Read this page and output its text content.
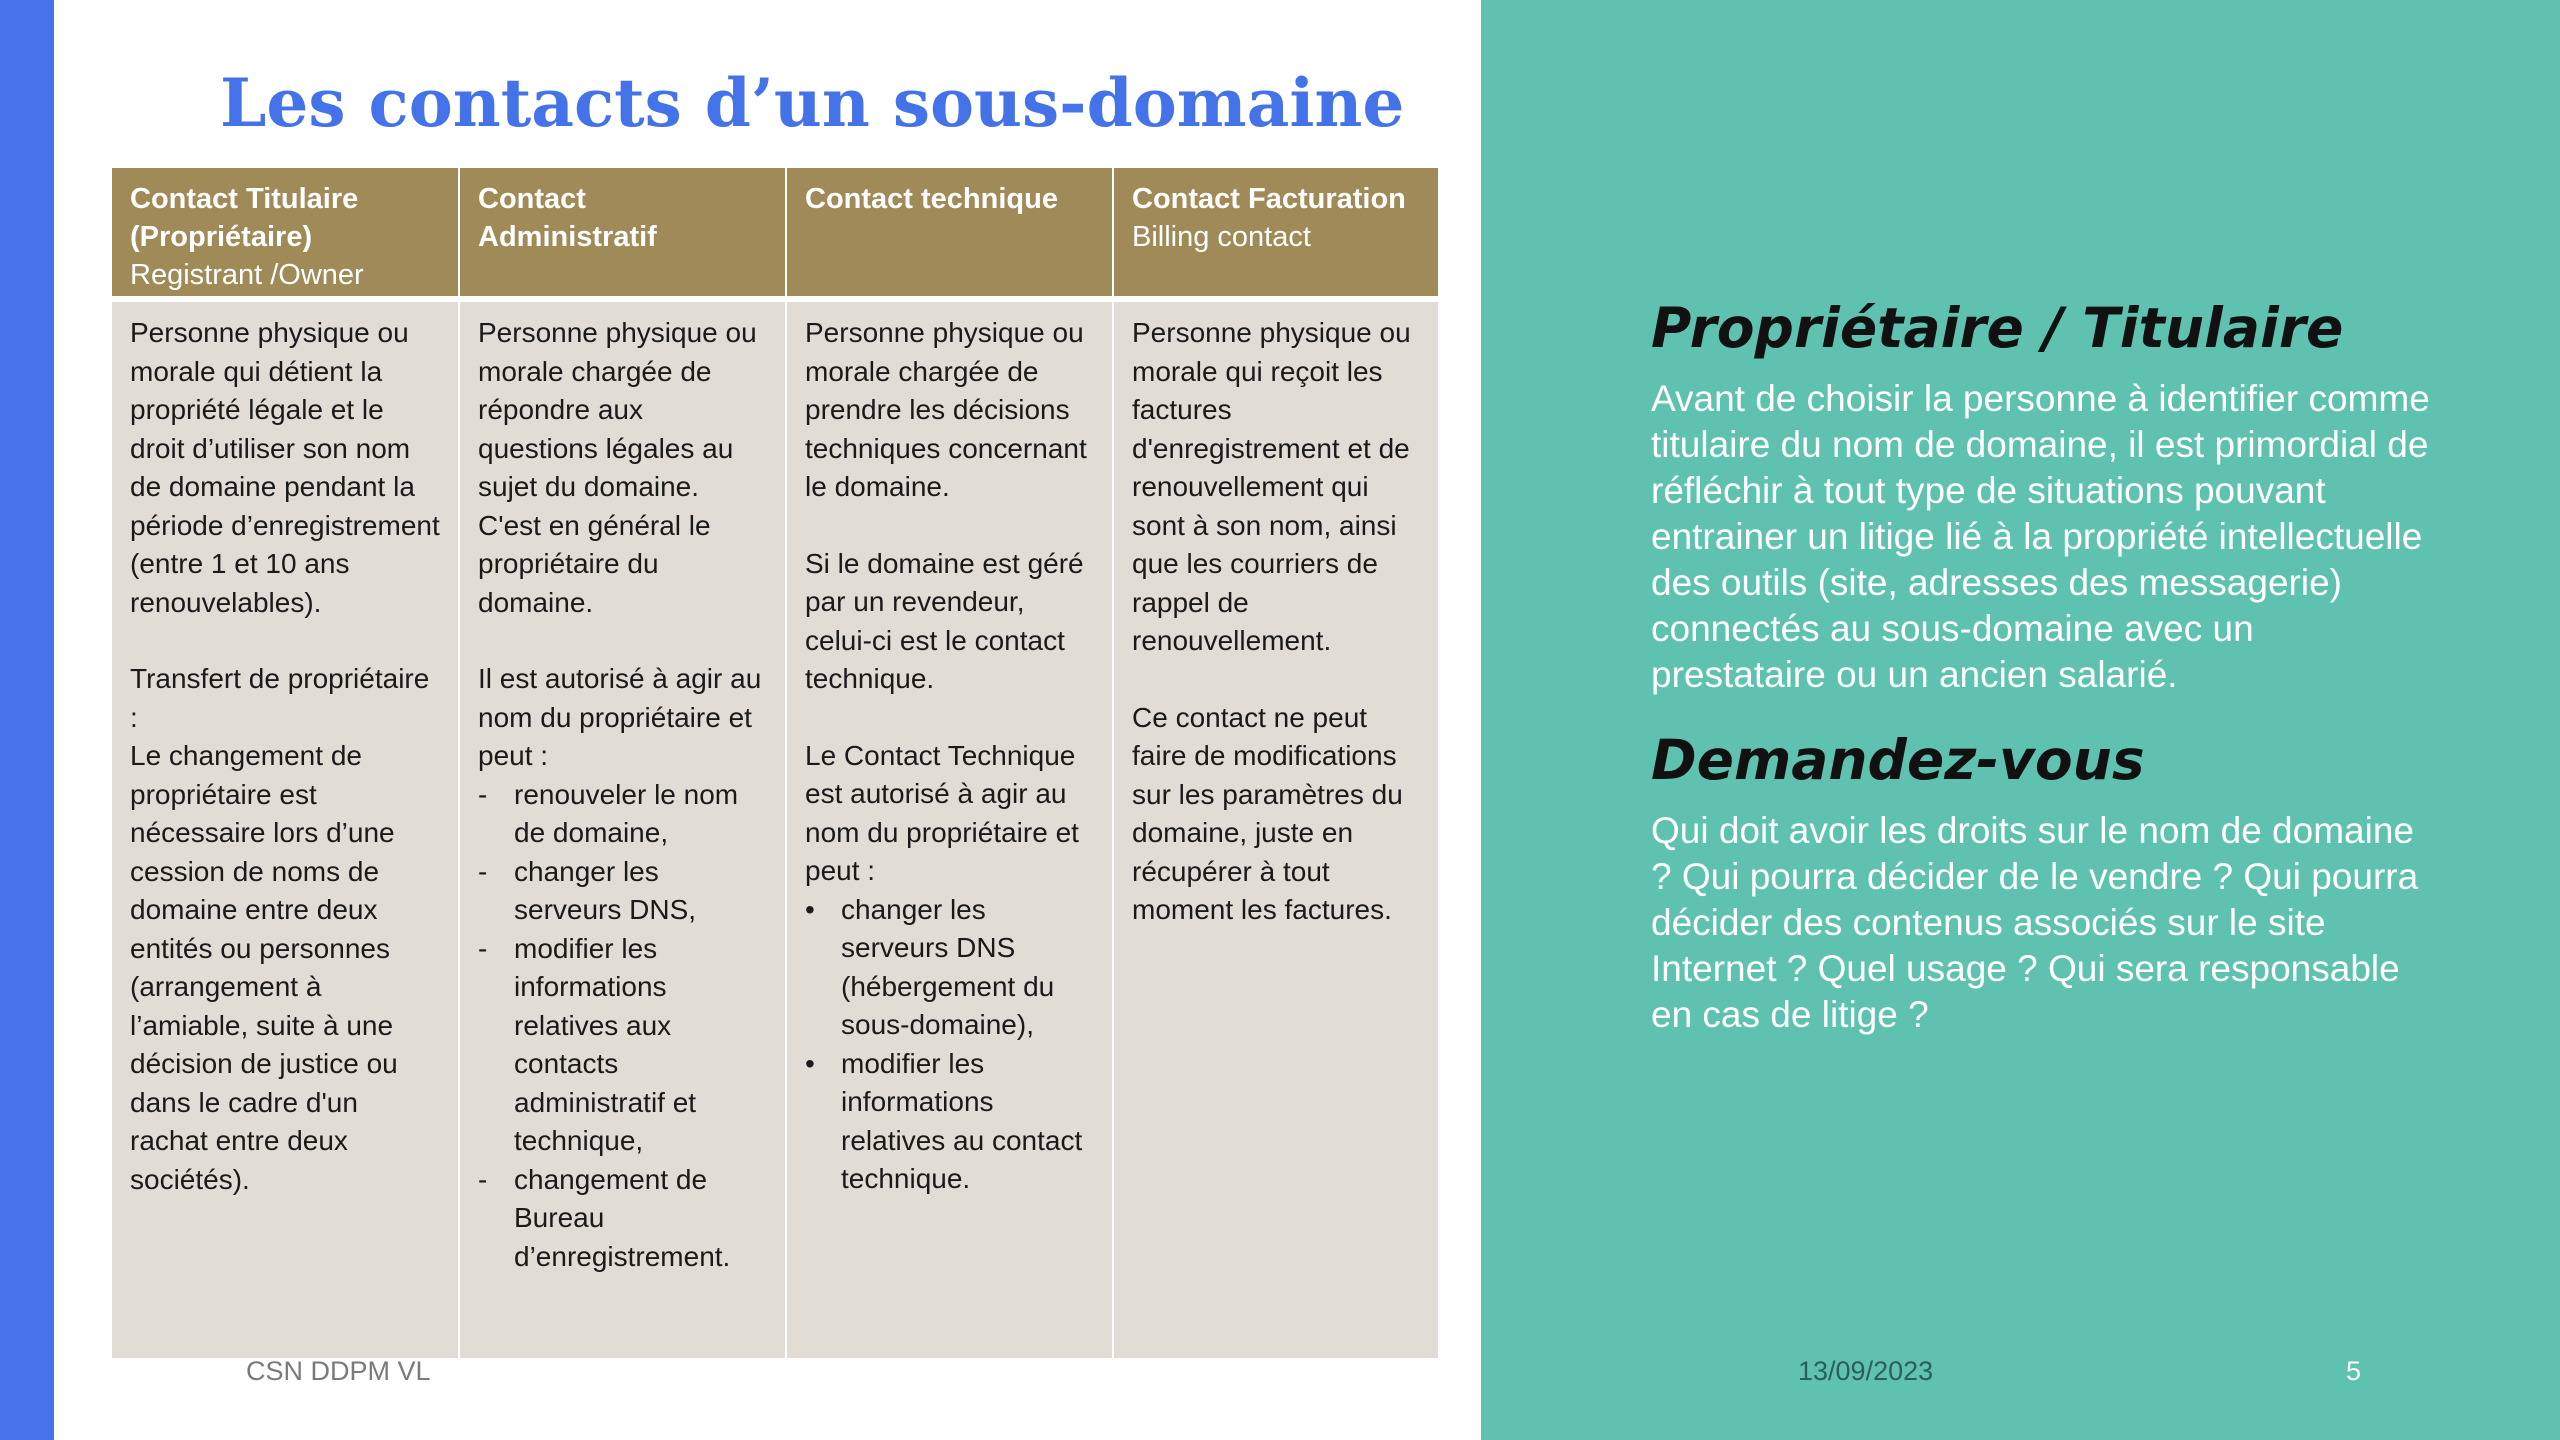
Les contacts d’un sous-domaine
Contact Titulaire (Propriétaire)
Registrant /Owner

Personne physique ou morale qui détient la propriété légale et le droit d’utiliser son nom de domaine pendant la période d’enregistrement (entre 1 et 10 ans renouvelables).

Transfert de propriétaire :

Le changement de propriétaire est nécessaire lors d’une cession de noms de domaine entre deux entités ou personnes (arrangement à l’amiable, suite à une décision de justice ou dans le cadre d'un rachat entre deux sociétés).

Contact Administratif

Personne physique ou morale chargée de répondre aux questions légales au sujet du domaine. C'est en général le propriétaire du domaine.

Il est autorisé à agir au nom du propriétaire et peut :

- renouveler le nom de domaine,
- changer les serveurs DNS,
- modifier les informations relatives aux contacts administratif et technique,
- changement de Bureau d’enregistrement.
Contact technique

Personne physique ou morale chargée de prendre les décisions techniques concernant le domaine.

Si le domaine est géré par un revendeur, celui-ci est le contact technique.

Le Contact Technique est autorisé à agir au nom du propriétaire et peut :

• changer les serveurs DNS (hébergement du sous-domaine),
• modifier les informations relatives au contact technique.
Contact Facturation
Billing contact

Personne physique ou morale qui reçoit les factures d'enregistrement et de renouvellement qui sont à son nom, ainsi que les courriers de rappel de renouvellement.

Ce contact ne peut faire de modifications sur les paramètres du domaine, juste en récupérer à tout moment les factures.

Propriétaire / Titulaire

Avant de choisir la personne à identifier comme titulaire du nom de domaine, il est primordial de réfléchir à tout type de situations pouvant entrainer un litige lié à la propriété intellectuelle des outils (site, adresses des messagerie) connectés au sous-domaine avec un prestataire ou un ancien salarié.

Demandez-vous

Qui doit avoir les droits sur le nom de domaine ? Qui pourra décider de le vendre ? Qui pourra décider des contenus associés sur le site Internet ? Quel usage ? Qui sera responsable en cas de litige ?

CSN DDPM VL	13/09/2023	5
